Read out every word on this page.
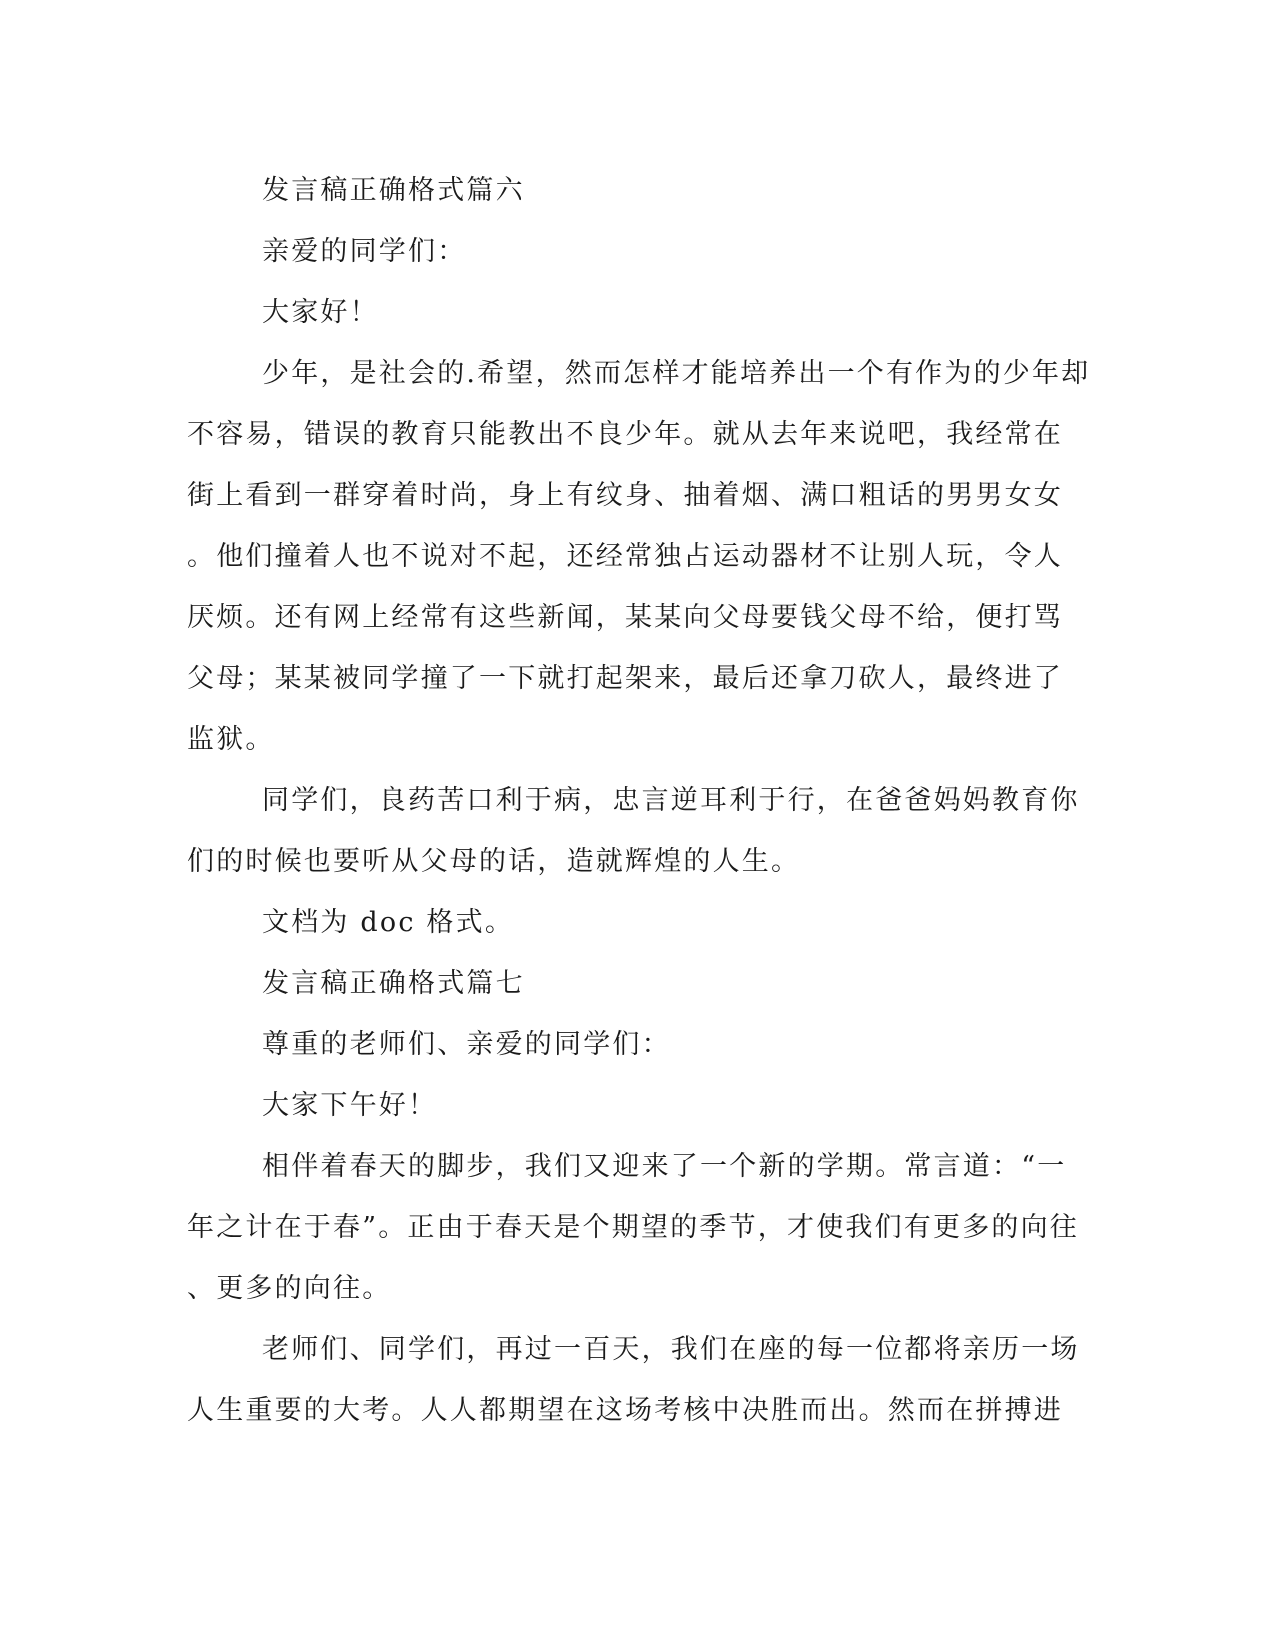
发言稿正确格式篇六
亲爱的同学们：
大家好！
少年，是社会的.希望，然而怎样才能培养出一个有作为的少年却
不容易，错误的教育只能教出不良少年。就从去年来说吧，我经常在
街上看到一群穿着时尚，身上有纹身、抽着烟、满口粗话的男男女女
。他们撞着人也不说对不起，还经常独占运动器材不让别人玩，令人
厌烦。还有网上经常有这些新闻，某某向父母要钱父母不给，便打骂
父母；某某被同学撞了一下就打起架来，最后还拿刀砍人，最终进了
监狱。
同学们，良药苦口利于病，忠言逆耳利于行，在爸爸妈妈教育你
们的时候也要听从父母的话，造就辉煌的人生。
文档为 doc 格式。
发言稿正确格式篇七
尊重的老师们、亲爱的同学们：
大家下午好！
相伴着春天的脚步，我们又迎来了一个新的学期。常言道：“一
年之计在于春”。正由于春天是个期望的季节，才使我们有更多的向往
、更多的向往。
老师们、同学们，再过一百天，我们在座的每一位都将亲历一场
人生重要的大考。人人都期望在这场考核中决胜而出。然而在拼搏进
